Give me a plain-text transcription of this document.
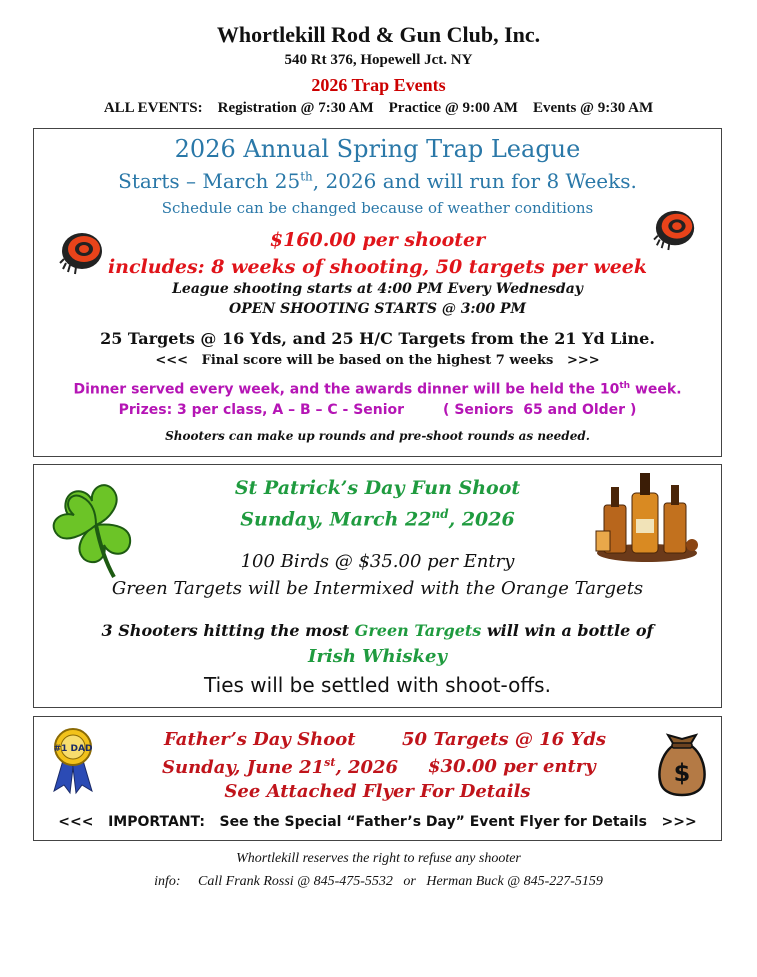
Whortlekill Rod & Gun Club, Inc.
540 Rt 376, Hopewell Jct. NY
2026 Trap Events
ALL EVENTS:    Registration @ 7:30 AM    Practice @ 9:00 AM    Events @ 9:30 AM
2026 Annual Spring Trap League
Starts – March 25th, 2026 and will run for 8 Weeks.
Schedule can be changed because of weather conditions
$160.00 per shooter
includes: 8 weeks of shooting, 50 targets per week
League shooting starts at 4:00 PM Every Wednesday
OPEN SHOOTING STARTS @ 3:00 PM
25 Targets @ 16 Yds, and 25 H/C Targets from the 21 Yd Line.
<<<   Final score will be based on the highest 7 weeks   >>>
Dinner served every week, and the awards dinner will be held the 10th week.
Prizes: 3 per class, A – B – C - Senior        ( Seniors  65 and Older )
Shooters can make up rounds and pre-shoot rounds as needed.
St Patrick’s Day Fun Shoot
Sunday, March 22nd, 2026
100 Birds @ $35.00 per Entry
Green Targets will be Intermixed with the Orange Targets
3 Shooters hitting the most Green Targets will win a bottle of
Irish Whiskey
Ties will be settled with shoot-offs.
Father’s Day Shoot	50 Targets @ 16 Yds
Sunday, June 21st, 2026 $30.00 per entry
See Attached Flyer For Details
<<<   IMPORTANT:   See the Special “Father’s Day” Event Flyer for Details   >>>
#1 DAD
$
Whortlekill reserves the right to refuse any shooter
info:     Call Frank Rossi @ 845-475-5532   or   Herman Buck @ 845-227-5159
